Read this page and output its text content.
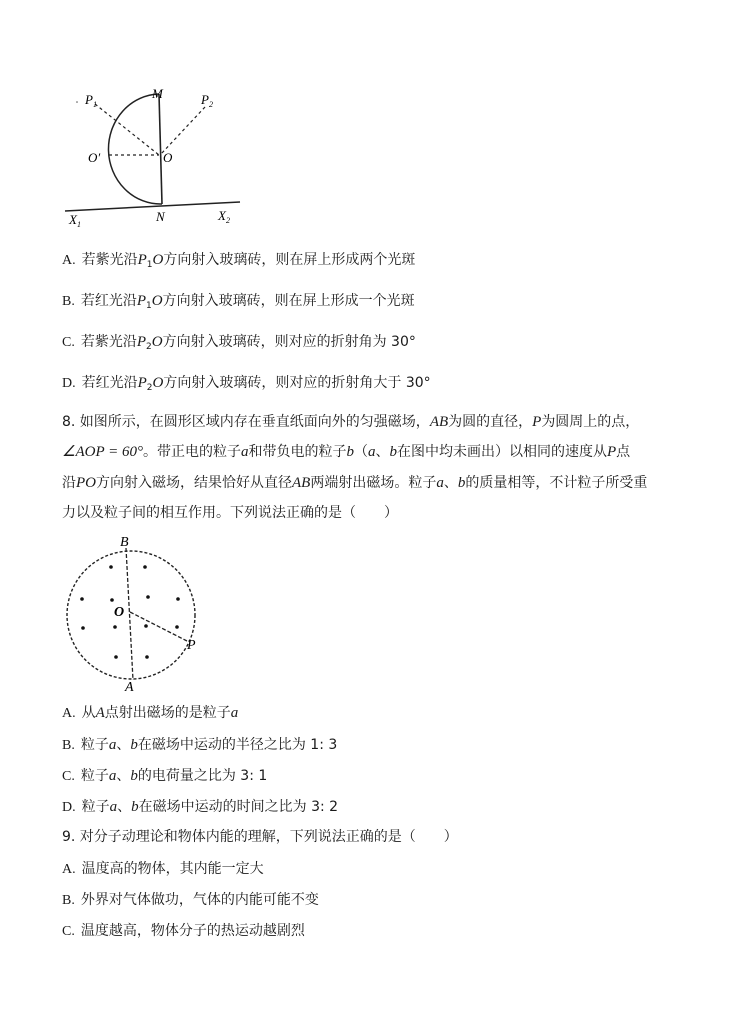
$P_1$
M	$P_2$
O′	O
$X_1$
N	$X_2$
A. 若紫光沿$P_1O$方向射入玻璃砖，则在屏上形成两个光斑
B. 若红光沿$P_1O$方向射入玻璃砖，则在屏上形成一个光斑
C. 若紫光沿$P_2O$方向射入玻璃砖，则对应的折射角为 30°
D. 若红光沿$P_2O$方向射入玻璃砖，则对应的折射角大于 30°
8. 如图所示，在圆形区域内存在垂直纸面向外的匀强磁场，AB为圆的直径，P为圆周上的点，
∠AOP = 60°。带正电的粒子a和带负电的粒子b（a、b在图中均未画出）以相同的速度从P点
沿PO方向射入磁场，结果恰好从直径AB两端射出磁场。粒子a、b的质量相等，不计粒子所受重
力以及粒子间的相互作用。下列说法正确的是（　　）
B
O
P
A
A. 从A点射出磁场的是粒子a
B. 粒子a、b在磁场中运动的半径之比为 1: 3
C. 粒子a、b的电荷量之比为 3: 1
D. 粒子a、b在磁场中运动的时间之比为 3: 2
9. 对分子动理论和物体内能的理解，下列说法正确的是（　　）
A. 温度高的物体，其内能一定大
B. 外界对气体做功，气体的内能可能不变
C. 温度越高，物体分子的热运动越剧烈
